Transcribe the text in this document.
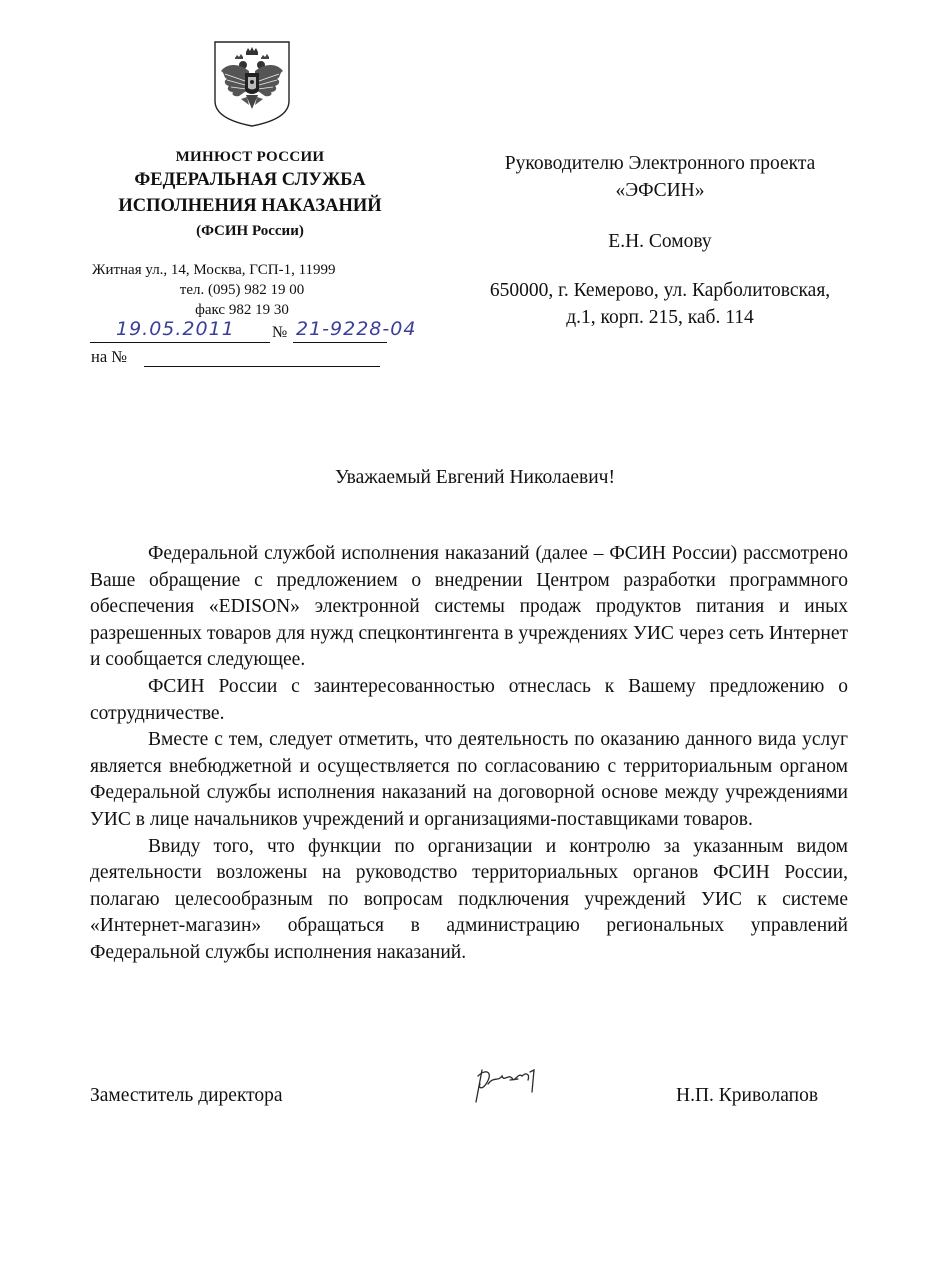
МИНЮСТ РОССИИ
ФЕДЕРАЛЬНАЯ СЛУЖБА
ИСПОЛНЕНИЯ НАКАЗАНИЙ
(ФСИН России)
Житная ул., 14, Москва, ГСП-1, 11999
тел. (095) 982 19 00
факс 982 19 30
19.05.2011 № 21-9228-04
на №
Руководителю Электронного проекта
«ЭФСИН»
Е.Н. Сомову
650000, г. Кемерово, ул. Карболитовская,
д.1, корп. 215, каб. 114
Уважаемый Евгений Николаевич!

Федеральной службой исполнения наказаний (далее – ФСИН России) рассмотрено Ваше обращение с предложением о внедрении Центром разработки программного обеспечения «EDISON» электронной системы продаж продуктов питания и иных разрешенных товаров для нужд спецконтингента в учреждениях УИС через сеть Интернет и сообщается следующее.

ФСИН России с заинтересованностью отнеслась к Вашему предложению о сотрудничестве.

Вместе с тем, следует отметить, что деятельность по оказанию данного вида услуг является внебюджетной и осуществляется по согласованию с территориальным органом Федеральной службы исполнения наказаний на договорной основе между учреждениями УИС в лице начальников учреждений и организациями-поставщиками товаров.

Ввиду того, что функции по организации и контролю за указанным видом деятельности возложены на руководство территориальных органов ФСИН России, полагаю целесообразным по вопросам подключения учреждений УИС к системе «Интернет-магазин» обращаться в администрацию региональных управлений Федеральной службы исполнения наказаний.

Заместитель директора	Н.П. Криволапов
